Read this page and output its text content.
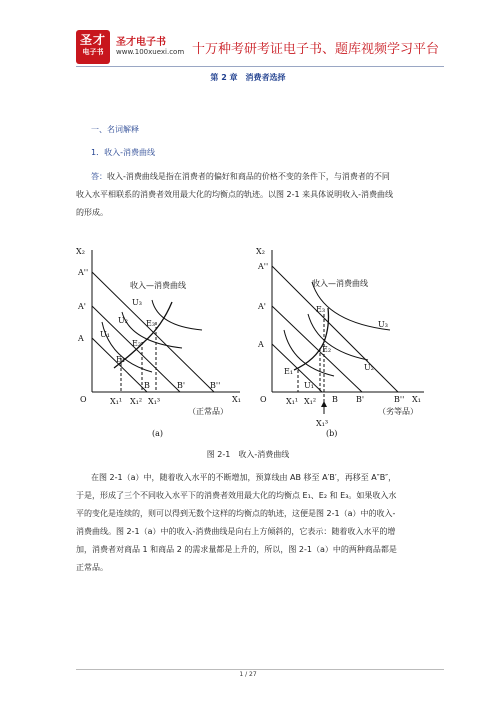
圣才
电子书
圣才电子书
www.100xuexi.com 十万种考研考证电子书、题库视频学习平台
第 2 章　消费者选择
一、名词解释
1．收入-消费曲线
答：收入-消费曲线是指在消费者的偏好和商品的价格不变的条件下，与消费者的不同
收入水平相联系的消费者效用最大化的均衡点的轨迹。以图 2-1 来具体说明收入-消费曲线
的形成。
X₂
X₁
O
A''
A'
A
B	B'	B''
U₁
U₂
U₃
E₁
E₂
E₃
X₁¹ X₁² X₁³
收入—消费曲线
（正常品）
(a)
X₂
X₁
O
A''
A'
A
B B'	B''
U₁
U₂
U₃
E₁
E₂
E₃
X₁¹ X₁²
X₁³
收入—消费曲线
（劣等品）
(b)
图 2-1　收入-消费曲线
在图 2-1（a）中，随着收入水平的不断增加，预算线由 AB 移至 A′B′，再移至 A″B″，
于是，形成了三个不同收入水平下的消费者效用最大化的均衡点 E₁、E₂ 和 E₃。如果收入水
平的变化是连续的，则可以得到无数个这样的均衡点的轨迹，这便是图 2-1（a）中的收入-
消费曲线。图 2-1（a）中的收入-消费曲线是向右上方倾斜的，它表示：随着收入水平的增
加，消费者对商品 1 和商品 2 的需求量都是上升的，所以，图 2-1（a）中的两种商品都是
正常品。
1 / 27
